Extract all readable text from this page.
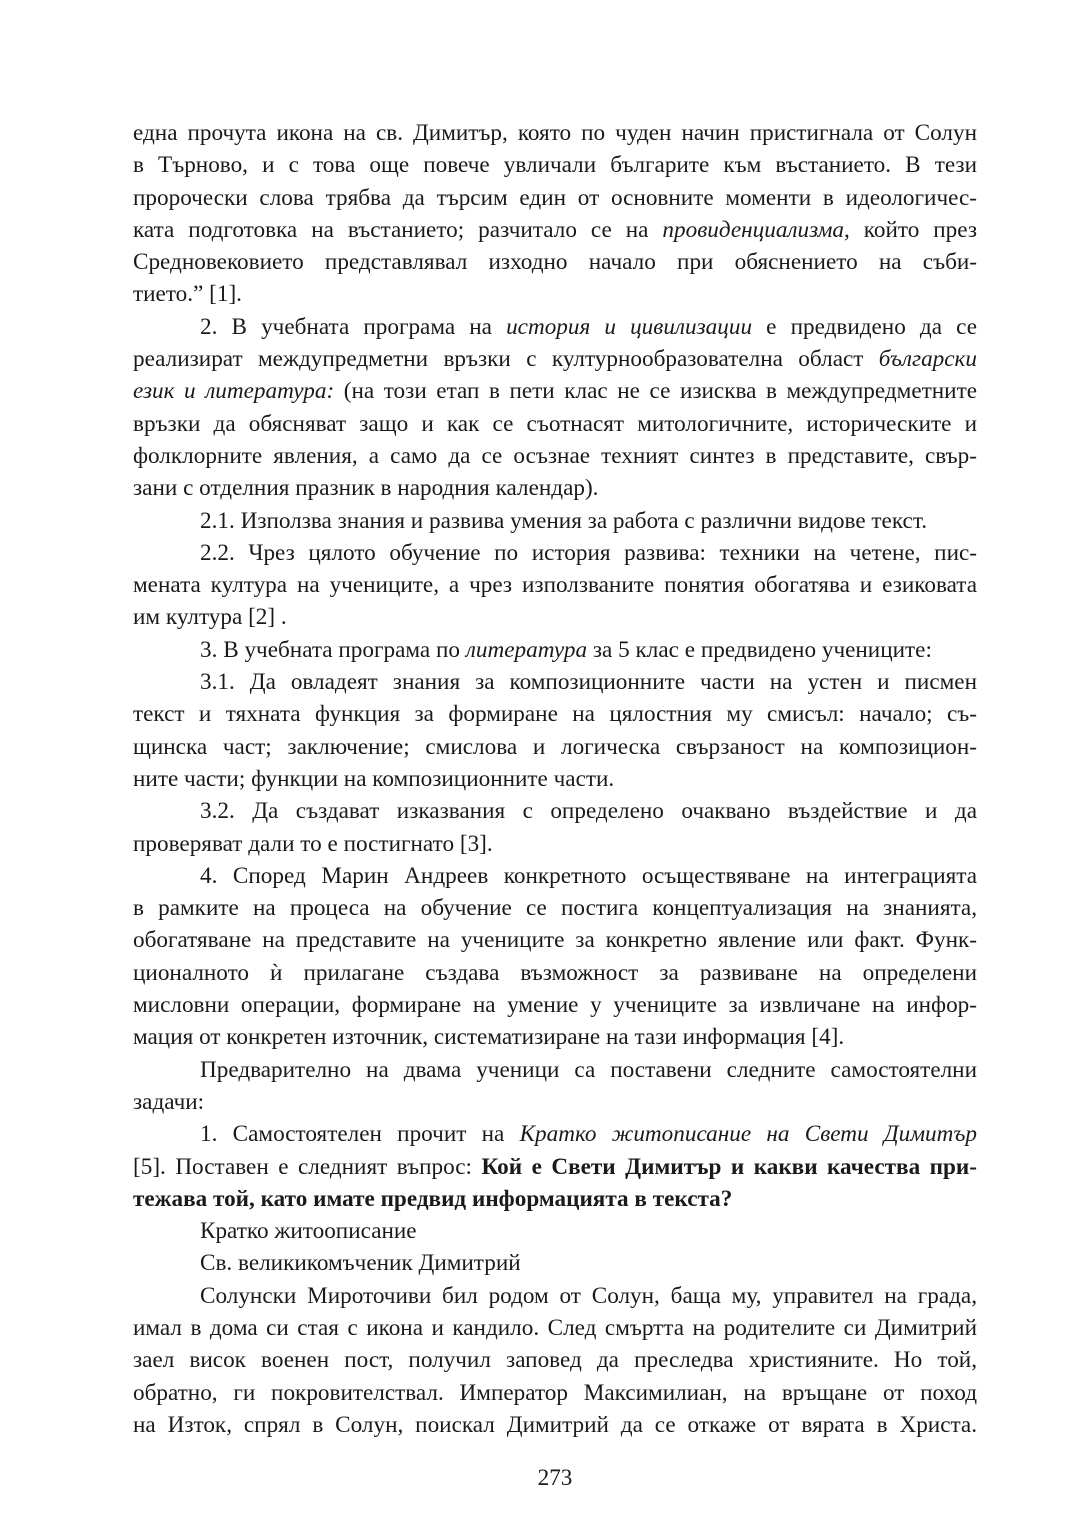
една прочута икона на св. Димитър, която по чуден начин пристигнала от Солун
в Търново, и с това още повече увличали българите към въстанието. В тези
пророчески слова трябва да търсим един от основните моменти в идеологичес-
ката подготовка на въстанието; разчитало се на провиденциализма, който през
Средновековието представлявал изходно начало при обяснението на съби-
тието.” [1].
2. В учебната програма на история и цивилизации е предвидено да се
реализират междупредметни връзки с културнообразователна област български
език и литература: (на този етап в пети клас не се изисква в междупредметните
връзки да обясняват защо и как се съотнасят митологичните, историческите и
фолклорните явления, а само да се осъзнае техният синтез в представите, свър-
зани с отделния празник в народния календар).
2.1. Използва знания и развива умения за работа с различни видове текст.
2.2. Чрез цялото обучение по история развива: техники на четене, пис-
мената култура на учениците, а чрез използваните понятия обогатява и езиковата
им култура [2] .
3. В учебната програма по литература за 5 клас е предвидено учениците:
3.1. Да овладеят знания за композиционните части на устен и писмен
текст и тяхната функция за формиране на цялостния му смисъл: начало; съ-
щинска част; заключение; смислова и логическа свързаност на композицион-
ните части; функции на композиционните части.
3.2. Да създават изказвания с определено очаквано въздействие и да
проверяват дали то е постигнато [3].
4. Според Марин Андреев конкретното осъществяване на интеграцията
в рамките на процеса на обучение се постига концептуализация на знанията,
обогатяване на представите на учениците за конкретно явление или факт. Функ-
ционалното ѝ прилагане създава възможност за развиване на определени
мисловни операции, формиране на умение у учениците за извличане на инфор-
мация от конкретен източник, систематизиране на тази информация [4].
Предварително на двама ученици са поставени следните самостоятелни
задачи:
1. Самостоятелен прочит на Кратко житописание на Свети Димитър
[5]. Поставен е следният въпрос: Кой е Свети Димитър и какви качества при-
тежава той, като имате предвид информацията в текста?
Кратко житоописание
Св. великикомъченик Димитрий
Солунски Мироточиви бил родом от Солун, баща му, управител на града,
имал в дома си стая с икона и кандило. След смъртта на родителите си Димитрий
заел висок военен пост, получил заповед да преследва християните. Но той,
обратно, ги покровителствал. Император Максимилиан, на връщане от поход
на Изток, спрял в Солун, поискал Димитрий да се откаже от вярата в Христа.
273
